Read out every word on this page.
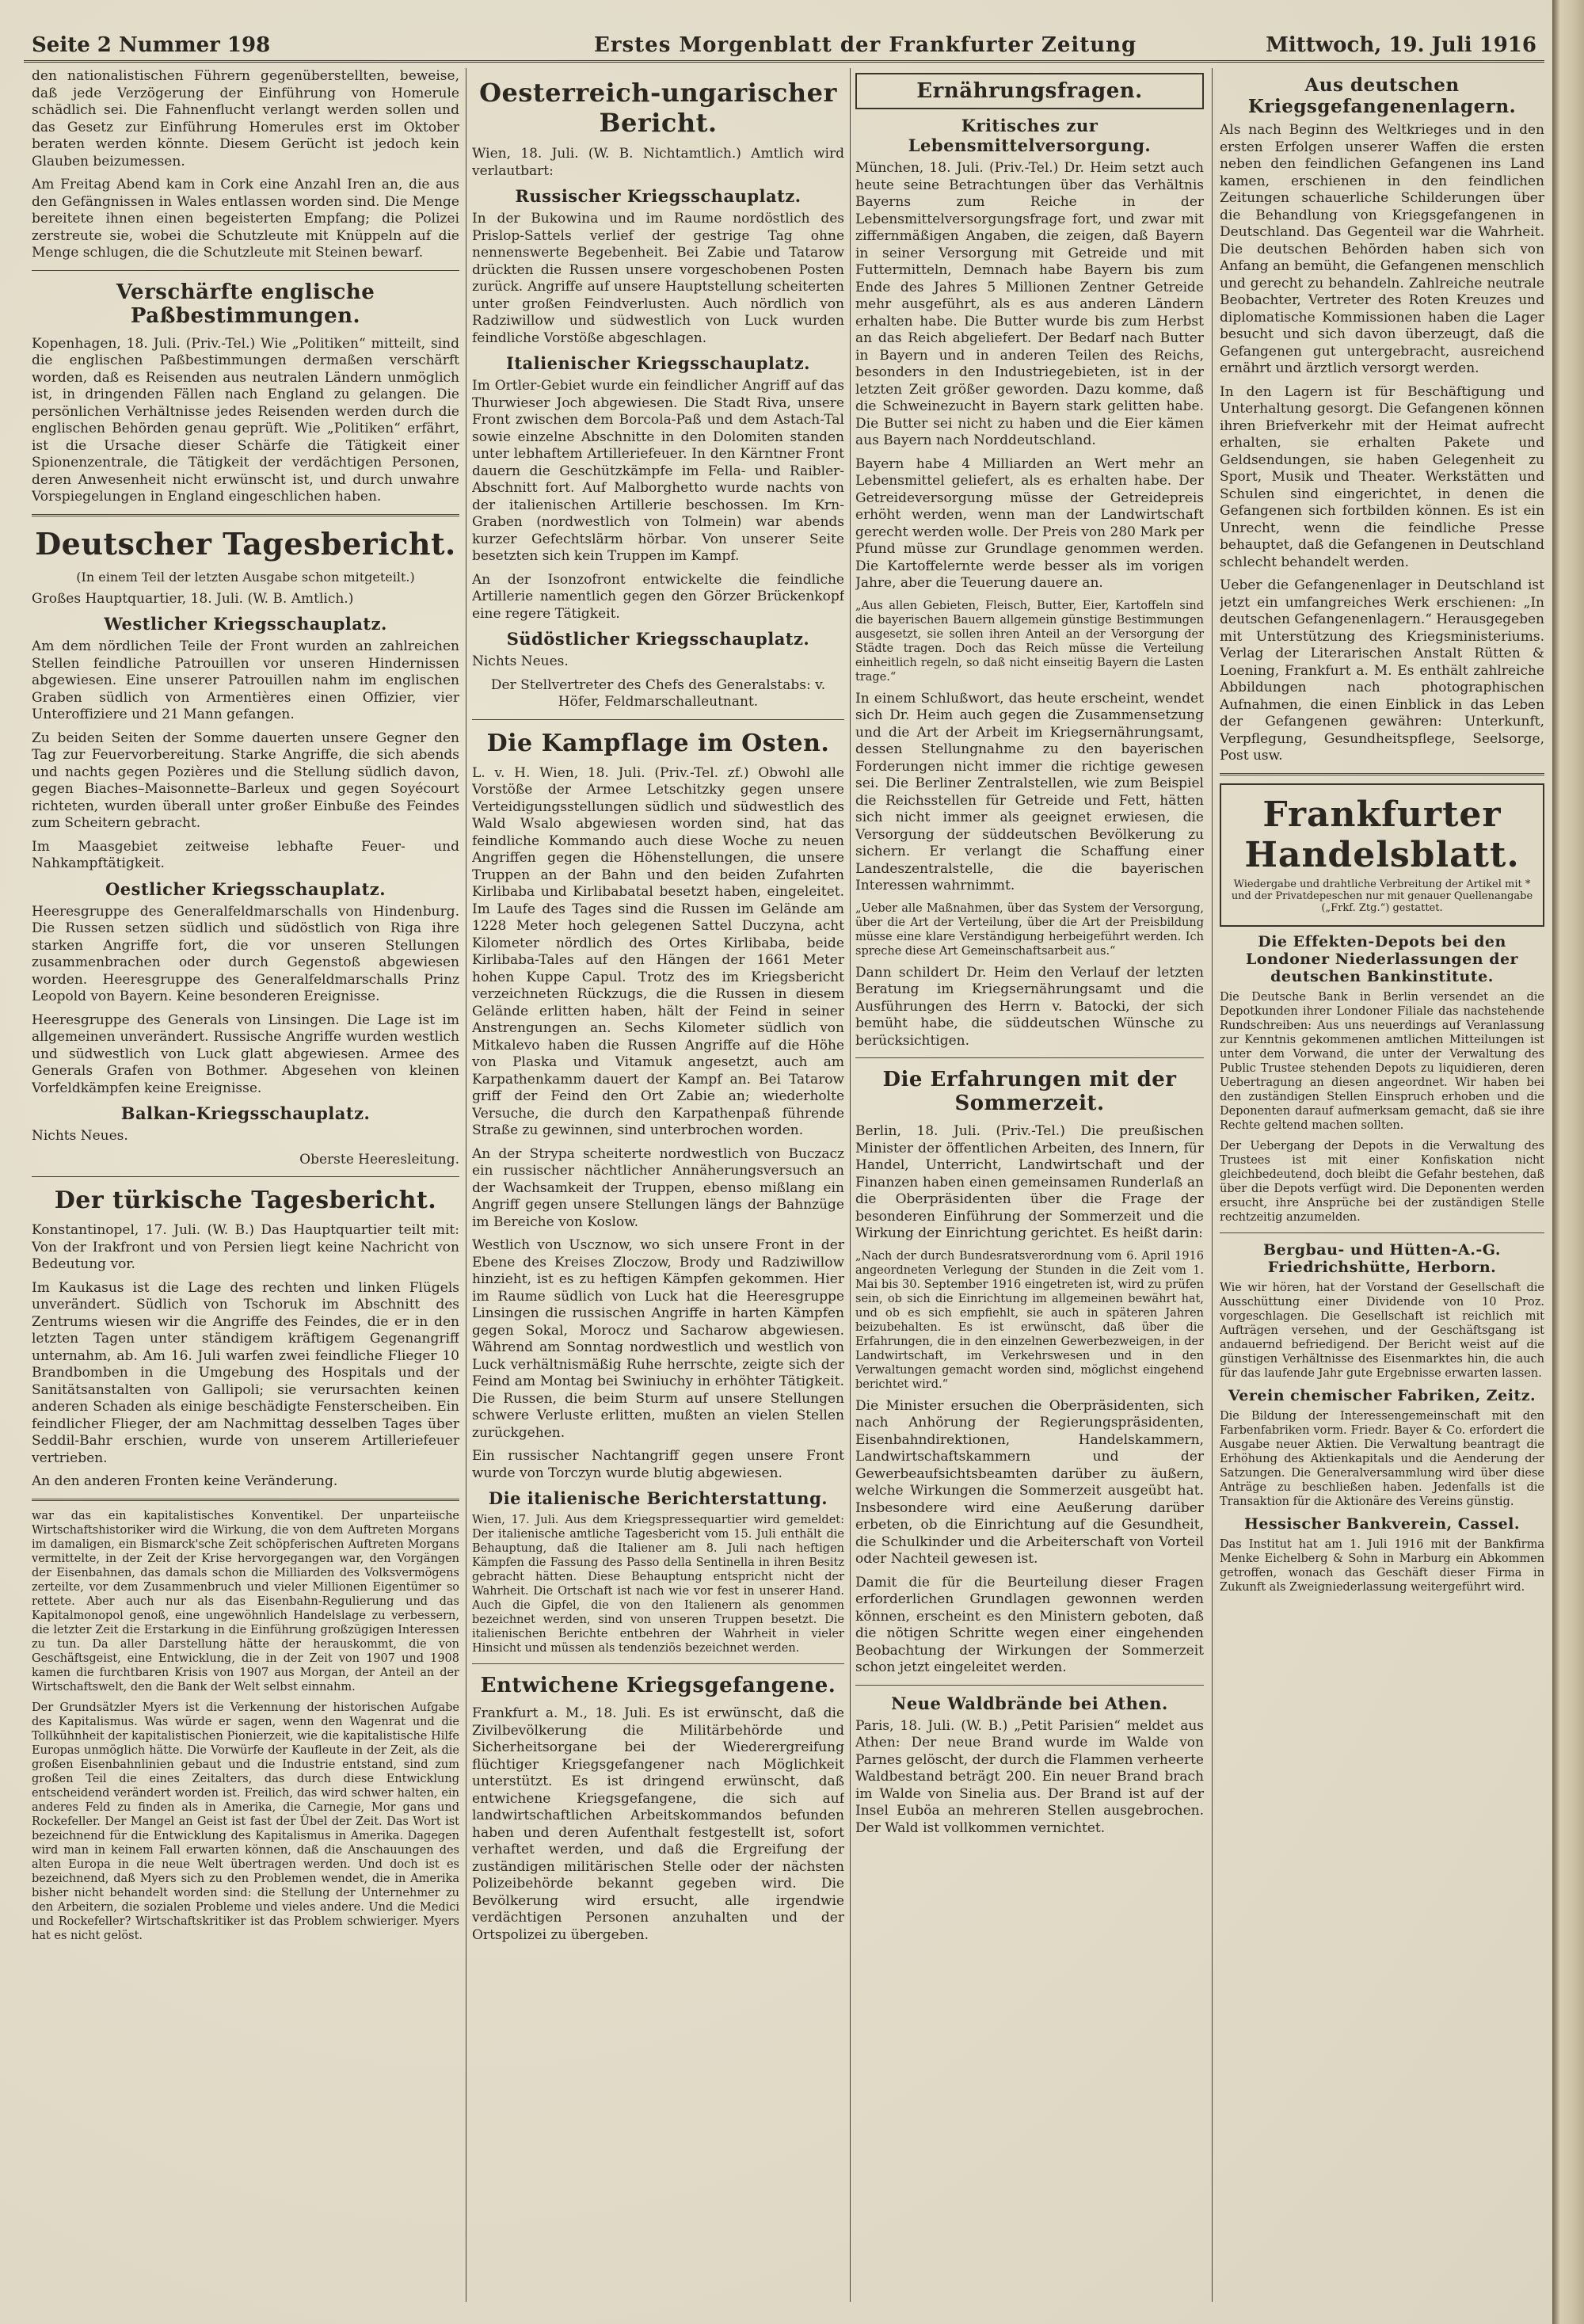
Seite 2 Nummer 198	Erstes Morgenblatt der Frankfurter Zeitung	Mittwoch, 19. Juli 1916

den nationalistischen Führern gegenüberstellten, beweise, daß jede Verzögerung der Einführung von Homerule schädlich sei. Die Fahnenflucht verlangt werden sollen und das Gesetz zur Einführung Homerules erst im Oktober beraten werden könnte. Diesem Gerücht ist jedoch kein Glauben beizumessen.

Am Freitag Abend kam in Cork eine Anzahl Iren an, die aus den Gefängnissen in Wales entlassen worden sind. Die Menge bereitete ihnen einen begeisterten Empfang; die Polizei zerstreute sie, wobei die Schutzleute mit Knüppeln auf die Menge schlugen, die die Schutzleute mit Steinen bewarf.

Verschärfte englische Paßbestimmungen.

Kopenhagen, 18. Juli. (Priv.-Tel.) Wie „Politiken“ mitteilt, sind die englischen Paßbestimmungen dermaßen verschärft worden, daß es Reisenden aus neutralen Ländern unmöglich ist, in dringenden Fällen nach England zu gelangen. Die persönlichen Verhältnisse jedes Reisenden werden durch die englischen Behörden genau geprüft. Wie „Politiken“ erfährt, ist die Ursache dieser Schärfe die Tätigkeit einer Spionenzentrale, die Tätigkeit der verdächtigen Personen, deren Anwesenheit nicht erwünscht ist, und durch unwahre Vorspiegelungen in England eingeschlichen haben.

Deutscher Tagesbericht.
(In einem Teil der letzten Ausgabe schon mitgeteilt.)

Großes Hauptquartier, 18. Juli. (W. B. Amtlich.)

Westlicher Kriegsschauplatz.

Am dem nördlichen Teile der Front wurden an zahlreichen Stellen feindliche Patrouillen vor unseren Hindernissen abgewiesen. Eine unserer Patrouillen nahm im englischen Graben südlich von Armentières einen Offizier, vier Unteroffiziere und 21 Mann gefangen.

Zu beiden Seiten der Somme dauerten unsere Gegner den Tag zur Feuervorbereitung. Starke Angriffe, die sich abends und nachts gegen Pozières und die Stellung südlich davon, gegen Biaches–Maisonnette–Barleux und gegen Soyécourt richteten, wurden überall unter großer Einbuße des Feindes zum Scheitern gebracht.

Im Maasgebiet zeitweise lebhafte Feuer- und Nahkampftätigkeit.

Oestlicher Kriegsschauplatz.

Heeresgruppe des Generalfeldmarschalls von Hindenburg. Die Russen setzen südlich und südöstlich von Riga ihre starken Angriffe fort, die vor unseren Stellungen zusammenbrachen oder durch Gegenstoß abgewiesen worden. Heeresgruppe des Generalfeldmarschalls Prinz Leopold von Bayern. Keine besonderen Ereignisse.

Heeresgruppe des Generals von Linsingen. Die Lage ist im allgemeinen unverändert. Russische Angriffe wurden westlich und südwestlich von Luck glatt abgewiesen. Armee des Generals Grafen von Bothmer. Abgesehen von kleinen Vorfeldkämpfen keine Ereignisse.

Balkan-Kriegsschauplatz.

Nichts Neues.

Oberste Heeresleitung.

Der türkische Tagesbericht.

Konstantinopel, 17. Juli. (W. B.) Das Hauptquartier teilt mit: Von der Irakfront und von Persien liegt keine Nachricht von Bedeutung vor.

Im Kaukasus ist die Lage des rechten und linken Flügels unverändert. Südlich von Tschoruk im Abschnitt des Zentrums wiesen wir die Angriffe des Feindes, die er in den letzten Tagen unter ständigem kräftigem Gegenangriff unternahm, ab. Am 16. Juli warfen zwei feindliche Flieger 10 Brandbomben in die Umgebung des Hospitals und der Sanitätsanstalten von Gallipoli; sie verursachten keinen anderen Schaden als einige beschädigte Fensterscheiben. Ein feindlicher Flieger, der am Nachmittag desselben Tages über Seddil-Bahr erschien, wurde von unserem Artilleriefeuer vertrieben.

An den anderen Fronten keine Veränderung.

war das ein kapitalistisches Konventikel. Der unparteiische Wirtschaftshistoriker wird die Wirkung, die von dem Auftreten Morgans im damaligen, ein Bismarck'sche Zeit schöpferischen Auftreten Morgans vermittelte, in der Zeit der Krise hervorgegangen war, den Vorgängen der Eisenbahnen, das damals schon die Milliarden des Volksvermögens zerteilte, vor dem Zusammenbruch und vieler Millionen Eigentümer so rettete. Aber auch nur als das Eisenbahn-Regulierung und das Kapitalmonopol genoß, eine ungewöhnlich Handelslage zu verbessern, die letzter Zeit die Erstarkung in die Einführung großzügigen Interessen zu tun. Da aller Darstellung hätte der herauskommt, die von Geschäftsgeist, eine Entwicklung, die in der Zeit von 1907 und 1908 kamen die furchtbaren Krisis von 1907 aus Morgan, der Anteil an der Wirtschaftswelt, den die Bank der Welt selbst einnahm.

Der Grundsätzler Myers ist die Verkennung der historischen Aufgabe des Kapitalismus. Was würde er sagen, wenn den Wagenrat und die Tollkühnheit der kapitalistischen Pionierzeit, wie die kapitalistische Hilfe Europas unmöglich hätte. Die Vorwürfe der Kaufleute in der Zeit, als die großen Eisenbahnlinien gebaut und die Industrie entstand, sind zum großen Teil die eines Zeitalters, das durch diese Entwicklung entscheidend verändert worden ist. Freilich, das wird schwer halten, ein anderes Feld zu finden als in Amerika, die Carnegie, Mor gans und Rockefeller. Der Mangel an Geist ist fast der Übel der Zeit. Das Wort ist bezeichnend für die Entwicklung des Kapitalismus in Amerika. Dagegen wird man in keinem Fall erwarten können, daß die Anschauungen des alten Europa in die neue Welt übertragen werden. Und doch ist es bezeichnend, daß Myers sich zu den Problemen wendet, die in Amerika bisher nicht behandelt worden sind: die Stellung der Unternehmer zu den Arbeitern, die sozialen Probleme und vieles andere. Und die Medici und Rockefeller? Wirtschaftskritiker ist das Problem schwieriger. Myers hat es nicht gelöst.

Oesterreich-ungarischer Bericht.

Wien, 18. Juli. (W. B. Nichtamtlich.) Amtlich wird verlautbart:

Russischer Kriegsschauplatz.

In der Bukowina und im Raume nordöstlich des Prislop-Sattels verlief der gestrige Tag ohne nennenswerte Begebenheit. Bei Zabie und Tatarow drückten die Russen unsere vorgeschobenen Posten zurück. Angriffe auf unsere Hauptstellung scheiterten unter großen Feindverlusten. Auch nördlich von Radziwillow und südwestlich von Luck wurden feindliche Vorstöße abgeschlagen.

Italienischer Kriegsschauplatz.

Im Ortler-Gebiet wurde ein feindlicher Angriff auf das Thurwieser Joch abgewiesen. Die Stadt Riva, unsere Front zwischen dem Borcola-Paß und dem Astach-Tal sowie einzelne Abschnitte in den Dolomiten standen unter lebhaftem Artilleriefeuer. In den Kärntner Front dauern die Geschützkämpfe im Fella- und Raibler-Abschnitt fort. Auf Malborghetto wurde nachts von der italienischen Artillerie beschossen. Im Krn-Graben (nordwestlich von Tolmein) war abends kurzer Gefechtslärm hörbar. Von unserer Seite besetzten sich kein Truppen im Kampf.

An der Isonzofront entwickelte die feindliche Artillerie namentlich gegen den Görzer Brückenkopf eine regere Tätigkeit.

Südöstlicher Kriegsschauplatz.

Nichts Neues.

Der Stellvertreter des Chefs des Generalstabs: v. Höfer, Feldmarschalleutnant.

Die Kampflage im Osten.

L. v. H. Wien, 18. Juli. (Priv.-Tel. zf.) Obwohl alle Vorstöße der Armee Letschitzky gegen unsere Verteidigungsstellungen südlich und südwestlich des Wald Wsalo abgewiesen worden sind, hat das feindliche Kommando auch diese Woche zu neuen Angriffen gegen die Höhenstellungen, die unsere Truppen an der Bahn und den beiden Zufahrten Kirlibaba und Kirlibabatal besetzt haben, eingeleitet. Im Laufe des Tages sind die Russen im Gelände am 1228 Meter hoch gelegenen Sattel Duczyna, acht Kilometer nördlich des Ortes Kirlibaba, beide Kirlibaba-Tales auf den Hängen der 1661 Meter hohen Kuppe Capul. Trotz des im Kriegsbericht verzeichneten Rückzugs, die die Russen in diesem Gelände erlitten haben, hält der Feind in seiner Anstrengungen an. Sechs Kilometer südlich von Mitkalevo haben die Russen Angriffe auf die Höhe von Plaska und Vitamuk angesetzt, auch am Karpathenkamm dauert der Kampf an. Bei Tatarow griff der Feind den Ort Zabie an; wiederholte Versuche, die durch den Karpathenpaß führende Straße zu gewinnen, sind unterbrochen worden.

An der Strypa scheiterte nordwestlich von Buczacz ein russischer nächtlicher Annäherungsversuch an der Wachsamkeit der Truppen, ebenso mißlang ein Angriff gegen unsere Stellungen längs der Bahnzüge im Bereiche von Koslow.

Westlich von Uscznow, wo sich unsere Front in der Ebene des Kreises Zloczow, Brody und Radziwillow hinzieht, ist es zu heftigen Kämpfen gekommen. Hier im Raume südlich von Luck hat die Heeresgruppe Linsingen die russischen Angriffe in harten Kämpfen gegen Sokal, Morocz und Sacharow abgewiesen. Während am Sonntag nordwestlich und westlich von Luck verhältnismäßig Ruhe herrschte, zeigte sich der Feind am Montag bei Swiniuchy in erhöhter Tätigkeit. Die Russen, die beim Sturm auf unsere Stellungen schwere Verluste erlitten, mußten an vielen Stellen zurückgehen.

Ein russischer Nachtangriff gegen unsere Front wurde von Torczyn wurde blutig abgewiesen.

Die italienische Berichterstattung.

Wien, 17. Juli. Aus dem Kriegspressequartier wird gemeldet: Der italienische amtliche Tagesbericht vom 15. Juli enthält die Behauptung, daß die Italiener am 8. Juli nach heftigen Kämpfen die Fassung des Passo della Sentinella in ihren Besitz gebracht hätten. Diese Behauptung entspricht nicht der Wahrheit. Die Ortschaft ist nach wie vor fest in unserer Hand. Auch die Gipfel, die von den Italienern als genommen bezeichnet werden, sind von unseren Truppen besetzt. Die italienischen Berichte entbehren der Wahrheit in vieler Hinsicht und müssen als tendenziös bezeichnet werden.

Entwichene Kriegsgefangene.

Frankfurt a. M., 18. Juli. Es ist erwünscht, daß die Zivilbevölkerung die Militärbehörde und Sicherheitsorgane bei der Wiederergreifung flüchtiger Kriegsgefangener nach Möglichkeit unterstützt. Es ist dringend erwünscht, daß entwichene Kriegsgefangene, die sich auf landwirtschaftlichen Arbeitskommandos befunden haben und deren Aufenthalt festgestellt ist, sofort verhaftet werden, und daß die Ergreifung der zuständigen militärischen Stelle oder der nächsten Polizeibehörde bekannt gegeben wird. Die Bevölkerung wird ersucht, alle irgendwie verdächtigen Personen anzuhalten und der Ortspolizei zu übergeben.

Ernährungsfragen.
Kritisches zur Lebensmittelversorgung.

München, 18. Juli. (Priv.-Tel.) Dr. Heim setzt auch heute seine Betrachtungen über das Verhältnis Bayerns zum Reiche in der Lebensmittelversorgungsfrage fort, und zwar mit ziffernmäßigen Angaben, die zeigen, daß Bayern in seiner Versorgung mit Getreide und mit Futtermitteln, Demnach habe Bayern bis zum Ende des Jahres 5 Millionen Zentner Getreide mehr ausgeführt, als es aus anderen Ländern erhalten habe. Die Butter wurde bis zum Herbst an das Reich abgeliefert. Der Bedarf nach Butter in Bayern und in anderen Teilen des Reichs, besonders in den Industriegebieten, ist in der letzten Zeit größer geworden. Dazu komme, daß die Schweinezucht in Bayern stark gelitten habe. Die Butter sei nicht zu haben und die Eier kämen aus Bayern nach Norddeutschland.

Bayern habe 4 Milliarden an Wert mehr an Lebensmittel geliefert, als es erhalten habe. Der Getreideversorgung müsse der Getreidepreis erhöht werden, wenn man der Landwirtschaft gerecht werden wolle. Der Preis von 280 Mark per Pfund müsse zur Grundlage genommen werden. Die Kartoffelernte werde besser als im vorigen Jahre, aber die Teuerung dauere an.

„Aus allen Gebieten, Fleisch, Butter, Eier, Kartoffeln sind die bayerischen Bauern allgemein günstige Bestimmungen ausgesetzt, sie sollen ihren Anteil an der Versorgung der Städte tragen. Doch das Reich müsse die Verteilung einheitlich regeln, so daß nicht einseitig Bayern die Lasten trage.“

In einem Schlußwort, das heute erscheint, wendet sich Dr. Heim auch gegen die Zusammensetzung und die Art der Arbeit im Kriegsernährungsamt, dessen Stellungnahme zu den bayerischen Forderungen nicht immer die richtige gewesen sei. Die Berliner Zentralstellen, wie zum Beispiel die Reichsstellen für Getreide und Fett, hätten sich nicht immer als geeignet erwiesen, die Versorgung der süddeutschen Bevölkerung zu sichern. Er verlangt die Schaffung einer Landeszentralstelle, die die bayerischen Interessen wahrnimmt.

„Ueber alle Maßnahmen, über das System der Versorgung, über die Art der Verteilung, über die Art der Preisbildung müsse eine klare Verständigung herbeigeführt werden. Ich spreche diese Art Gemeinschaftsarbeit aus.“

Dann schildert Dr. Heim den Verlauf der letzten Beratung im Kriegsernährungsamt und die Ausführungen des Herrn v. Batocki, der sich bemüht habe, die süddeutschen Wünsche zu berücksichtigen.

Die Erfahrungen mit der Sommerzeit.

Berlin, 18. Juli. (Priv.-Tel.) Die preußischen Minister der öffentlichen Arbeiten, des Innern, für Handel, Unterricht, Landwirtschaft und der Finanzen haben einen gemeinsamen Runderlaß an die Oberpräsidenten über die Frage der besonderen Einführung der Sommerzeit und die Wirkung der Einrichtung gerichtet. Es heißt darin:

„Nach der durch Bundesratsverordnung vom 6. April 1916 angeordneten Verlegung der Stunden in die Zeit vom 1. Mai bis 30. September 1916 eingetreten ist, wird zu prüfen sein, ob sich die Einrichtung im allgemeinen bewährt hat, und ob es sich empfiehlt, sie auch in späteren Jahren beizubehalten. Es ist erwünscht, daß über die Erfahrungen, die in den einzelnen Gewerbezweigen, in der Landwirtschaft, im Verkehrswesen und in den Verwaltungen gemacht worden sind, möglichst eingehend berichtet wird.“

Die Minister ersuchen die Oberpräsidenten, sich nach Anhörung der Regierungspräsidenten, Eisenbahndirektionen, Handelskammern, Landwirtschaftskammern und der Gewerbeaufsichtsbeamten darüber zu äußern, welche Wirkungen die Sommerzeit ausgeübt hat. Insbesondere wird eine Aeußerung darüber erbeten, ob die Einrichtung auf die Gesundheit, die Schulkinder und die Arbeiterschaft von Vorteil oder Nachteil gewesen ist.

Damit die für die Beurteilung dieser Fragen erforderlichen Grundlagen gewonnen werden können, erscheint es den Ministern geboten, daß die nötigen Schritte wegen einer eingehenden Beobachtung der Wirkungen der Sommerzeit schon jetzt eingeleitet werden.

Neue Waldbrände bei Athen.

Paris, 18. Juli. (W. B.) „Petit Parisien“ meldet aus Athen: Der neue Brand wurde im Walde von Parnes gelöscht, der durch die Flammen verheerte Waldbestand beträgt 200. Ein neuer Brand brach im Walde von Sinelia aus. Der Brand ist auf der Insel Euböa an mehreren Stellen ausgebrochen. Der Wald ist vollkommen vernichtet.

Aus deutschen Kriegsgefangenenlagern.

Als nach Beginn des Weltkrieges und in den ersten Erfolgen unserer Waffen die ersten neben den feindlichen Gefangenen ins Land kamen, erschienen in den feindlichen Zeitungen schauerliche Schilderungen über die Behandlung von Kriegsgefangenen in Deutschland. Das Gegenteil war die Wahrheit. Die deutschen Behörden haben sich von Anfang an bemüht, die Gefangenen menschlich und gerecht zu behandeln. Zahlreiche neutrale Beobachter, Vertreter des Roten Kreuzes und diplomatische Kommissionen haben die Lager besucht und sich davon überzeugt, daß die Gefangenen gut untergebracht, ausreichend ernährt und ärztlich versorgt werden.

In den Lagern ist für Beschäftigung und Unterhaltung gesorgt. Die Gefangenen können ihren Briefverkehr mit der Heimat aufrecht erhalten, sie erhalten Pakete und Geldsendungen, sie haben Gelegenheit zu Sport, Musik und Theater. Werkstätten und Schulen sind eingerichtet, in denen die Gefangenen sich fortbilden können. Es ist ein Unrecht, wenn die feindliche Presse behauptet, daß die Gefangenen in Deutschland schlecht behandelt werden.

Ueber die Gefangenenlager in Deutschland ist jetzt ein umfangreiches Werk erschienen: „In deutschen Gefangenenlagern.“ Herausgegeben mit Unterstützung des Kriegsministeriums. Verlag der Literarischen Anstalt Rütten & Loening, Frankfurt a. M. Es enthält zahlreiche Abbildungen nach photographischen Aufnahmen, die einen Einblick in das Leben der Gefangenen gewähren: Unterkunft, Verpflegung, Gesundheitspflege, Seelsorge, Post usw.

Frankfurter Handelsblatt.
Wiedergabe und drahtliche Verbreitung der Artikel mit * und der Privatdepeschen nur mit genauer Quellenangabe („Frkf. Ztg.“) gestattet.
Die Effekten-Depots bei den Londoner Niederlassungen der deutschen Bankinstitute.

Die Deutsche Bank in Berlin versendet an die Depotkunden ihrer Londoner Filiale das nachstehende Rundschreiben: Aus uns neuerdings auf Veranlassung zur Kenntnis gekommenen amtlichen Mitteilungen ist unter dem Vorwand, die unter der Verwaltung des Public Trustee stehenden Depots zu liquidieren, deren Uebertragung an diesen angeordnet. Wir haben bei den zuständigen Stellen Einspruch erhoben und die Deponenten darauf aufmerksam gemacht, daß sie ihre Rechte geltend machen sollten.

Der Uebergang der Depots in die Verwaltung des Trustees ist mit einer Konfiskation nicht gleichbedeutend, doch bleibt die Gefahr bestehen, daß über die Depots verfügt wird. Die Deponenten werden ersucht, ihre Ansprüche bei der zuständigen Stelle rechtzeitig anzumelden.

Bergbau- und Hütten-A.-G. Friedrichshütte, Herborn.

Wie wir hören, hat der Vorstand der Gesellschaft die Ausschüttung einer Dividende von 10 Proz. vorgeschlagen. Die Gesellschaft ist reichlich mit Aufträgen versehen, und der Geschäftsgang ist andauernd befriedigend. Der Bericht weist auf die günstigen Verhältnisse des Eisenmarktes hin, die auch für das laufende Jahr gute Ergebnisse erwarten lassen.

Verein chemischer Fabriken, Zeitz.

Die Bildung der Interessengemeinschaft mit den Farbenfabriken vorm. Friedr. Bayer & Co. erfordert die Ausgabe neuer Aktien. Die Verwaltung beantragt die Erhöhung des Aktienkapitals und die Aenderung der Satzungen. Die Generalversammlung wird über diese Anträge zu beschließen haben. Jedenfalls ist die Transaktion für die Aktionäre des Vereins günstig.

Hessischer Bankverein, Cassel.

Das Institut hat am 1. Juli 1916 mit der Bankfirma Menke Eichelberg & Sohn in Marburg ein Abkommen getroffen, wonach das Geschäft dieser Firma in Zukunft als Zweigniederlassung weitergeführt wird.
